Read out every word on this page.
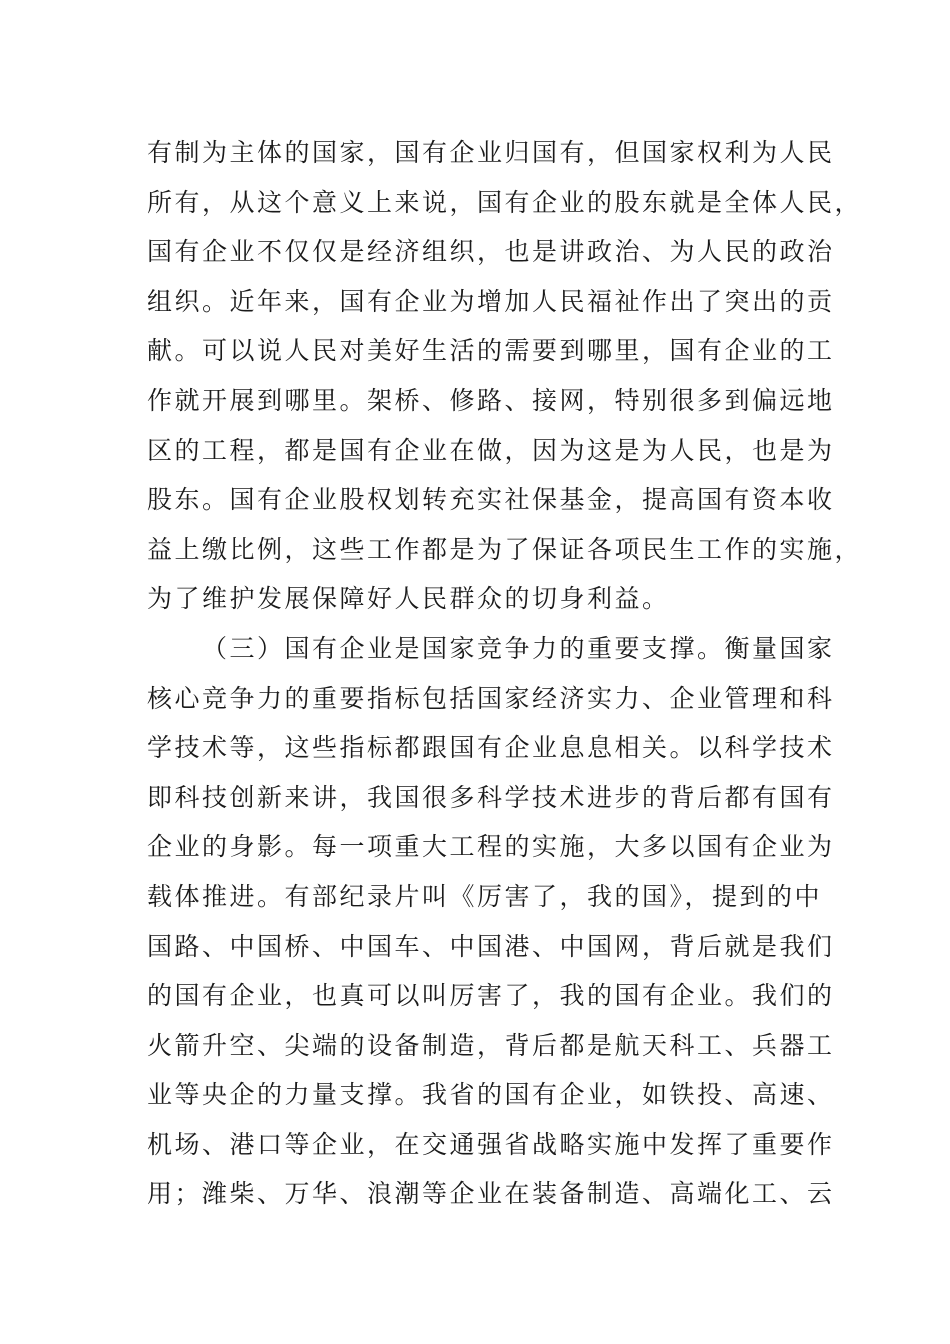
有制为主体的国家，国有企业归国有，但国家权利为人民
所有，从这个意义上来说，国有企业的股东就是全体人民，
国有企业不仅仅是经济组织，也是讲政治、为人民的政治
组织。近年来，国有企业为增加人民福祉作出了突出的贡
献。可以说人民对美好生活的需要到哪里，国有企业的工
作就开展到哪里。架桥、修路、接网，特别很多到偏远地
区的工程，都是国有企业在做，因为这是为人民，也是为
股东。国有企业股权划转充实社保基金，提高国有资本收
益上缴比例，这些工作都是为了保证各项民生工作的实施，
为了维护发展保障好人民群众的切身利益。
（三）国有企业是国家竞争力的重要支撑。衡量国家
核心竞争力的重要指标包括国家经济实力、企业管理和科
学技术等，这些指标都跟国有企业息息相关。以科学技术
即科技创新来讲，我国很多科学技术进步的背后都有国有
企业的身影。每一项重大工程的实施，大多以国有企业为
载体推进。有部纪录片叫《厉害了，我的国》，提到的中
国路、中国桥、中国车、中国港、中国网，背后就是我们
的国有企业，也真可以叫厉害了，我的国有企业。我们的
火箭升空、尖端的设备制造，背后都是航天科工、兵器工
业等央企的力量支撑。我省的国有企业，如铁投、高速、
机场、港口等企业，在交通强省战略实施中发挥了重要作
用；潍柴、万华、浪潮等企业在装备制造、高端化工、云
